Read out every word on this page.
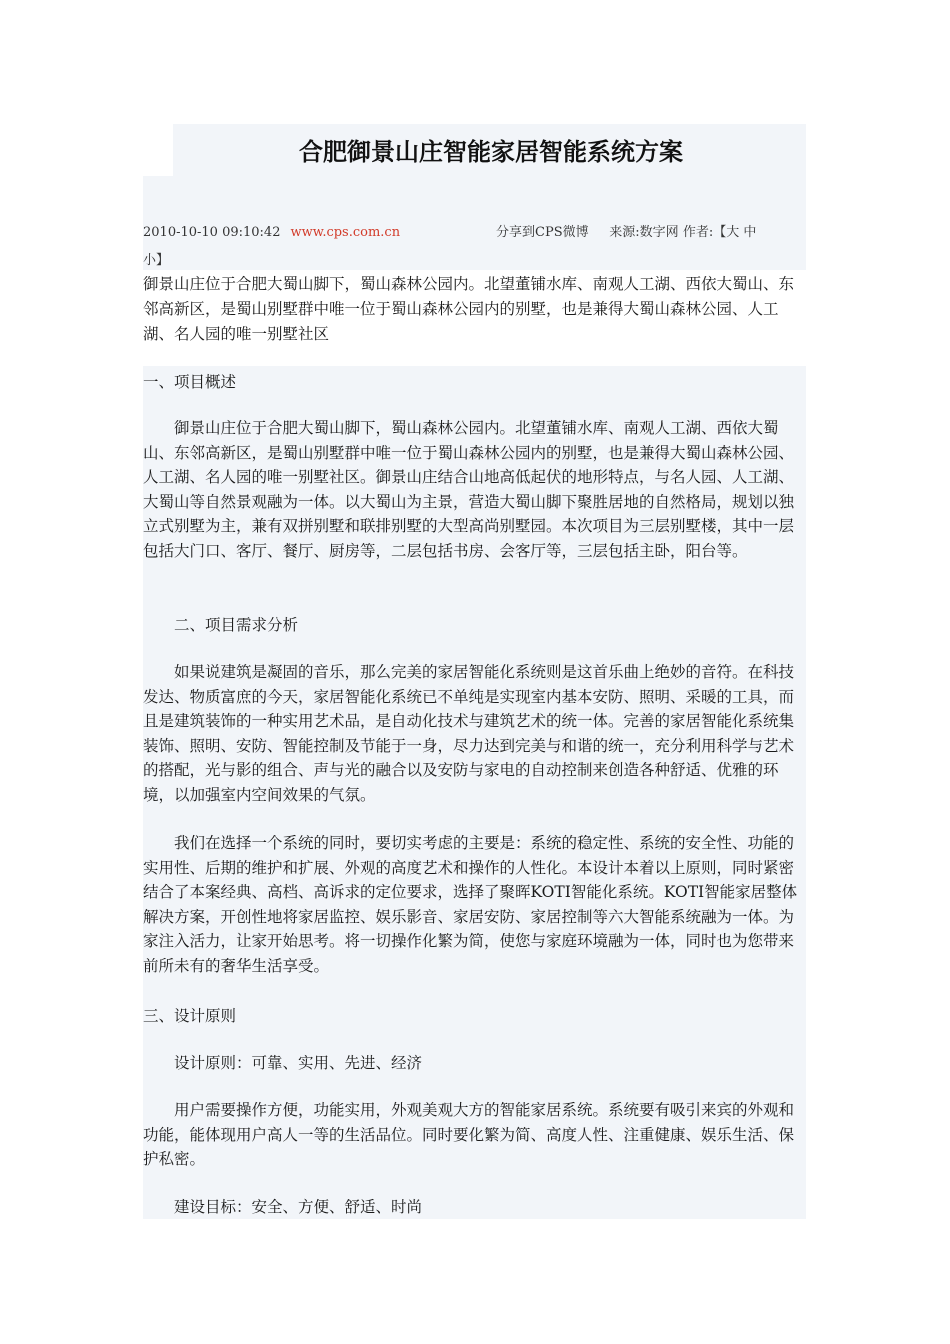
合肥御景山庄智能家居智能系统方案
2010-10-10 09:10:42 www.cps.com.cn	分享到CPS微博 来源:数字网 作者:【大 中
小】

御景山庄位于合肥大蜀山脚下，蜀山森林公园内。北望董铺水库、南观人工湖、西依大蜀山、东邻高新区，是蜀山别墅群中唯一位于蜀山森林公园内的别墅，也是兼得大蜀山森林公园、人工湖、名人园的唯一别墅社区

一、项目概述

御景山庄位于合肥大蜀山脚下，蜀山森林公园内。北望董铺水库、南观人工湖、西依大蜀山、东邻高新区，是蜀山别墅群中唯一位于蜀山森林公园内的别墅，也是兼得大蜀山森林公园、人工湖、名人园的唯一别墅社区。御景山庄结合山地高低起伏的地形特点，与名人园、人工湖、大蜀山等自然景观融为一体。以大蜀山为主景，营造大蜀山脚下聚胜居地的自然格局，规划以独立式别墅为主，兼有双拼别墅和联排别墅的大型高尚别墅园。本次项目为三层别墅楼，其中一层包括大门口、客厅、餐厅、厨房等，二层包括书房、会客厅等，三层包括主卧，阳台等。

二、项目需求分析

如果说建筑是凝固的音乐，那么完美的家居智能化系统则是这首乐曲上绝妙的音符。在科技发达、物质富庶的今天，家居智能化系统已不单纯是实现室内基本安防、照明、采暖的工具，而且是建筑装饰的一种实用艺术品，是自动化技术与建筑艺术的统一体。完善的家居智能化系统集装饰、照明、安防、智能控制及节能于一身，尽力达到完美与和谐的统一，充分利用科学与艺术的搭配，光与影的组合、声与光的融合以及安防与家电的自动控制来创造各种舒适、优雅的环境，以加强室内空间效果的气氛。

我们在选择一个系统的同时，要切实考虑的主要是：系统的稳定性、系统的安全性、功能的实用性、后期的维护和扩展、外观的高度艺术和操作的人性化。本设计本着以上原则，同时紧密结合了本案经典、高档、高诉求的定位要求，选择了聚晖KOTI智能化系统。KOTI智能家居整体解决方案，开创性地将家居监控、娱乐影音、家居安防、家居控制等六大智能系统融为一体。为家注入活力，让家开始思考。将一切操作化繁为简，使您与家庭环境融为一体，同时也为您带来前所未有的奢华生活享受。

三、设计原则

设计原则：可靠、实用、先进、经济

用户需要操作方便，功能实用，外观美观大方的智能家居系统。系统要有吸引来宾的外观和功能，能体现用户高人一等的生活品位。同时要化繁为简、高度人性、注重健康、娱乐生活、保护私密。

建设目标：安全、方便、舒适、时尚
